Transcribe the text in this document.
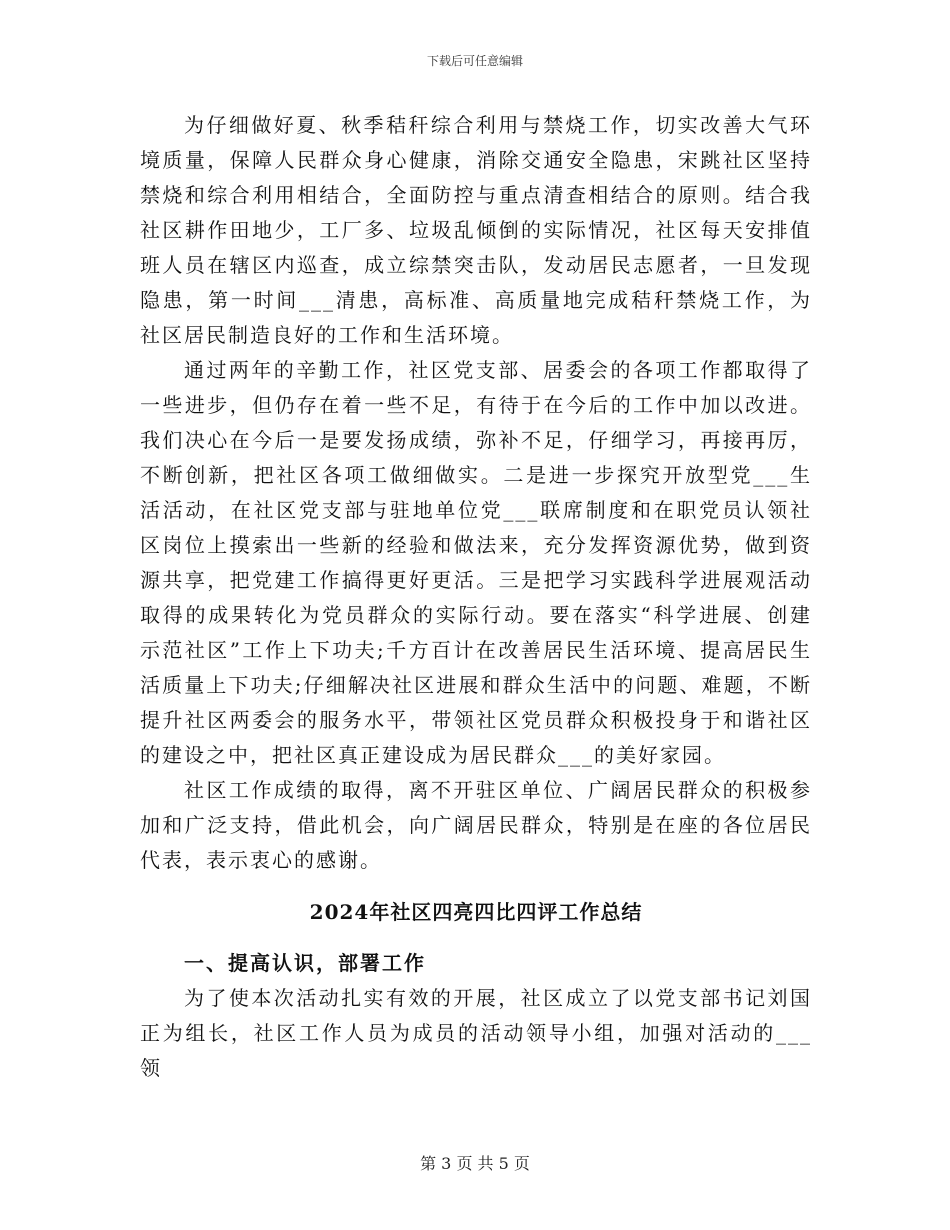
下载后可任意编辑

为仔细做好夏、秋季秸秆综合利用与禁烧工作，切实改善大气环境质量，保障人民群众身心健康，消除交通安全隐患，宋跳社区坚持禁烧和综合利用相结合，全面防控与重点清查相结合的原则。结合我社区耕作田地少，工厂多、垃圾乱倾倒的实际情况，社区每天安排值班人员在辖区内巡查，成立综禁突击队，发动居民志愿者，一旦发现隐患，第一时间___清患，高标准、高质量地完成秸秆禁烧工作，为社区居民制造良好的工作和生活环境。

通过两年的辛勤工作，社区党支部、居委会的各项工作都取得了一些进步，但仍存在着一些不足，有待于在今后的工作中加以改进。我们决心在今后一是要发扬成绩，弥补不足，仔细学习，再接再厉，不断创新，把社区各项工做细做实。二是进一步探究开放型党___生活活动，在社区党支部与驻地单位党___联席制度和在职党员认领社区岗位上摸索出一些新的经验和做法来，充分发挥资源优势，做到资源共享，把党建工作搞得更好更活。三是把学习实践科学进展观活动取得的成果转化为党员群众的实际行动。要在落实“科学进展、创建示范社区”工作上下功夫;千方百计在改善居民生活环境、提高居民生活质量上下功夫;仔细解决社区进展和群众生活中的问题、难题，不断提升社区两委会的服务水平，带领社区党员群众积极投身于和谐社区的建设之中，把社区真正建设成为居民群众___的美好家园。

社区工作成绩的取得，离不开驻区单位、广阔居民群众的积极参加和广泛支持，借此机会，向广阔居民群众，特别是在座的各位居民代表，表示衷心的感谢。

2024年社区四亮四比四评工作总结
一、提高认识，部署工作

为了使本次活动扎实有效的开展，社区成立了以党支部书记刘国正为组长，社区工作人员为成员的活动领导小组，加强对活动的___领

第 3 页 共 5 页
